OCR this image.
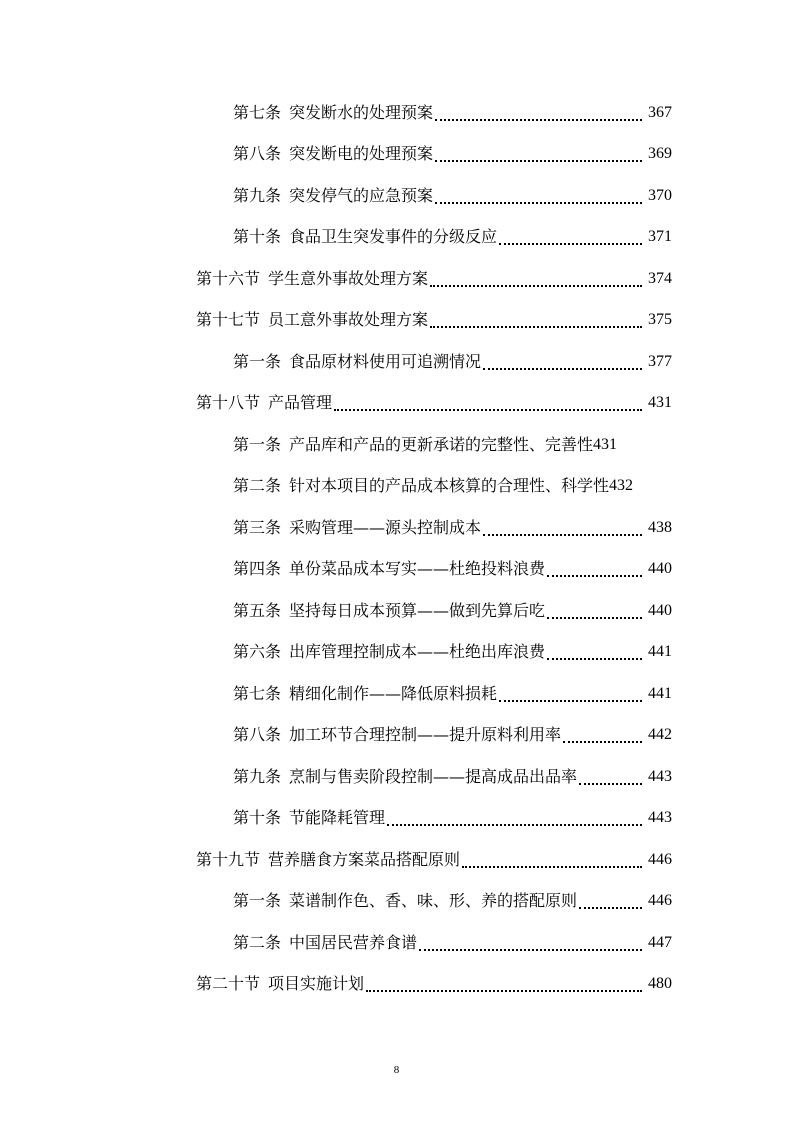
第七条 突发断水的处理预案	367
第八条 突发断电的处理预案	369
第九条 突发停气的应急预案	370
第十条 食品卫生突发事件的分级反应	371
第十六节 学生意外事故处理方案	374
第十七节 员工意外事故处理方案	375
第一条 食品原材料使用可追溯情况	377
第十八节 产品管理	431
第一条 产品库和产品的更新承诺的完整性、完善性 431
第二条 针对本项目的产品成本核算的合理性、科学性 432
第三条 采购管理——源头控制成本	438
第四条 单份菜品成本写实——杜绝投料浪费	440
第五条 坚持每日成本预算——做到先算后吃	440
第六条 出库管理控制成本——杜绝出库浪费	441
第七条 精细化制作——降低原料损耗	441
第八条 加工环节合理控制——提升原料利用率	442
第九条 烹制与售卖阶段控制——提高成品出品率	443
第十条 节能降耗管理	443
第十九节 营养膳食方案菜品搭配原则	446
第一条 菜谱制作色、香、味、形、养的搭配原则	446
第二条 中国居民营养食谱	447
第二十节 项目实施计划	480
8
